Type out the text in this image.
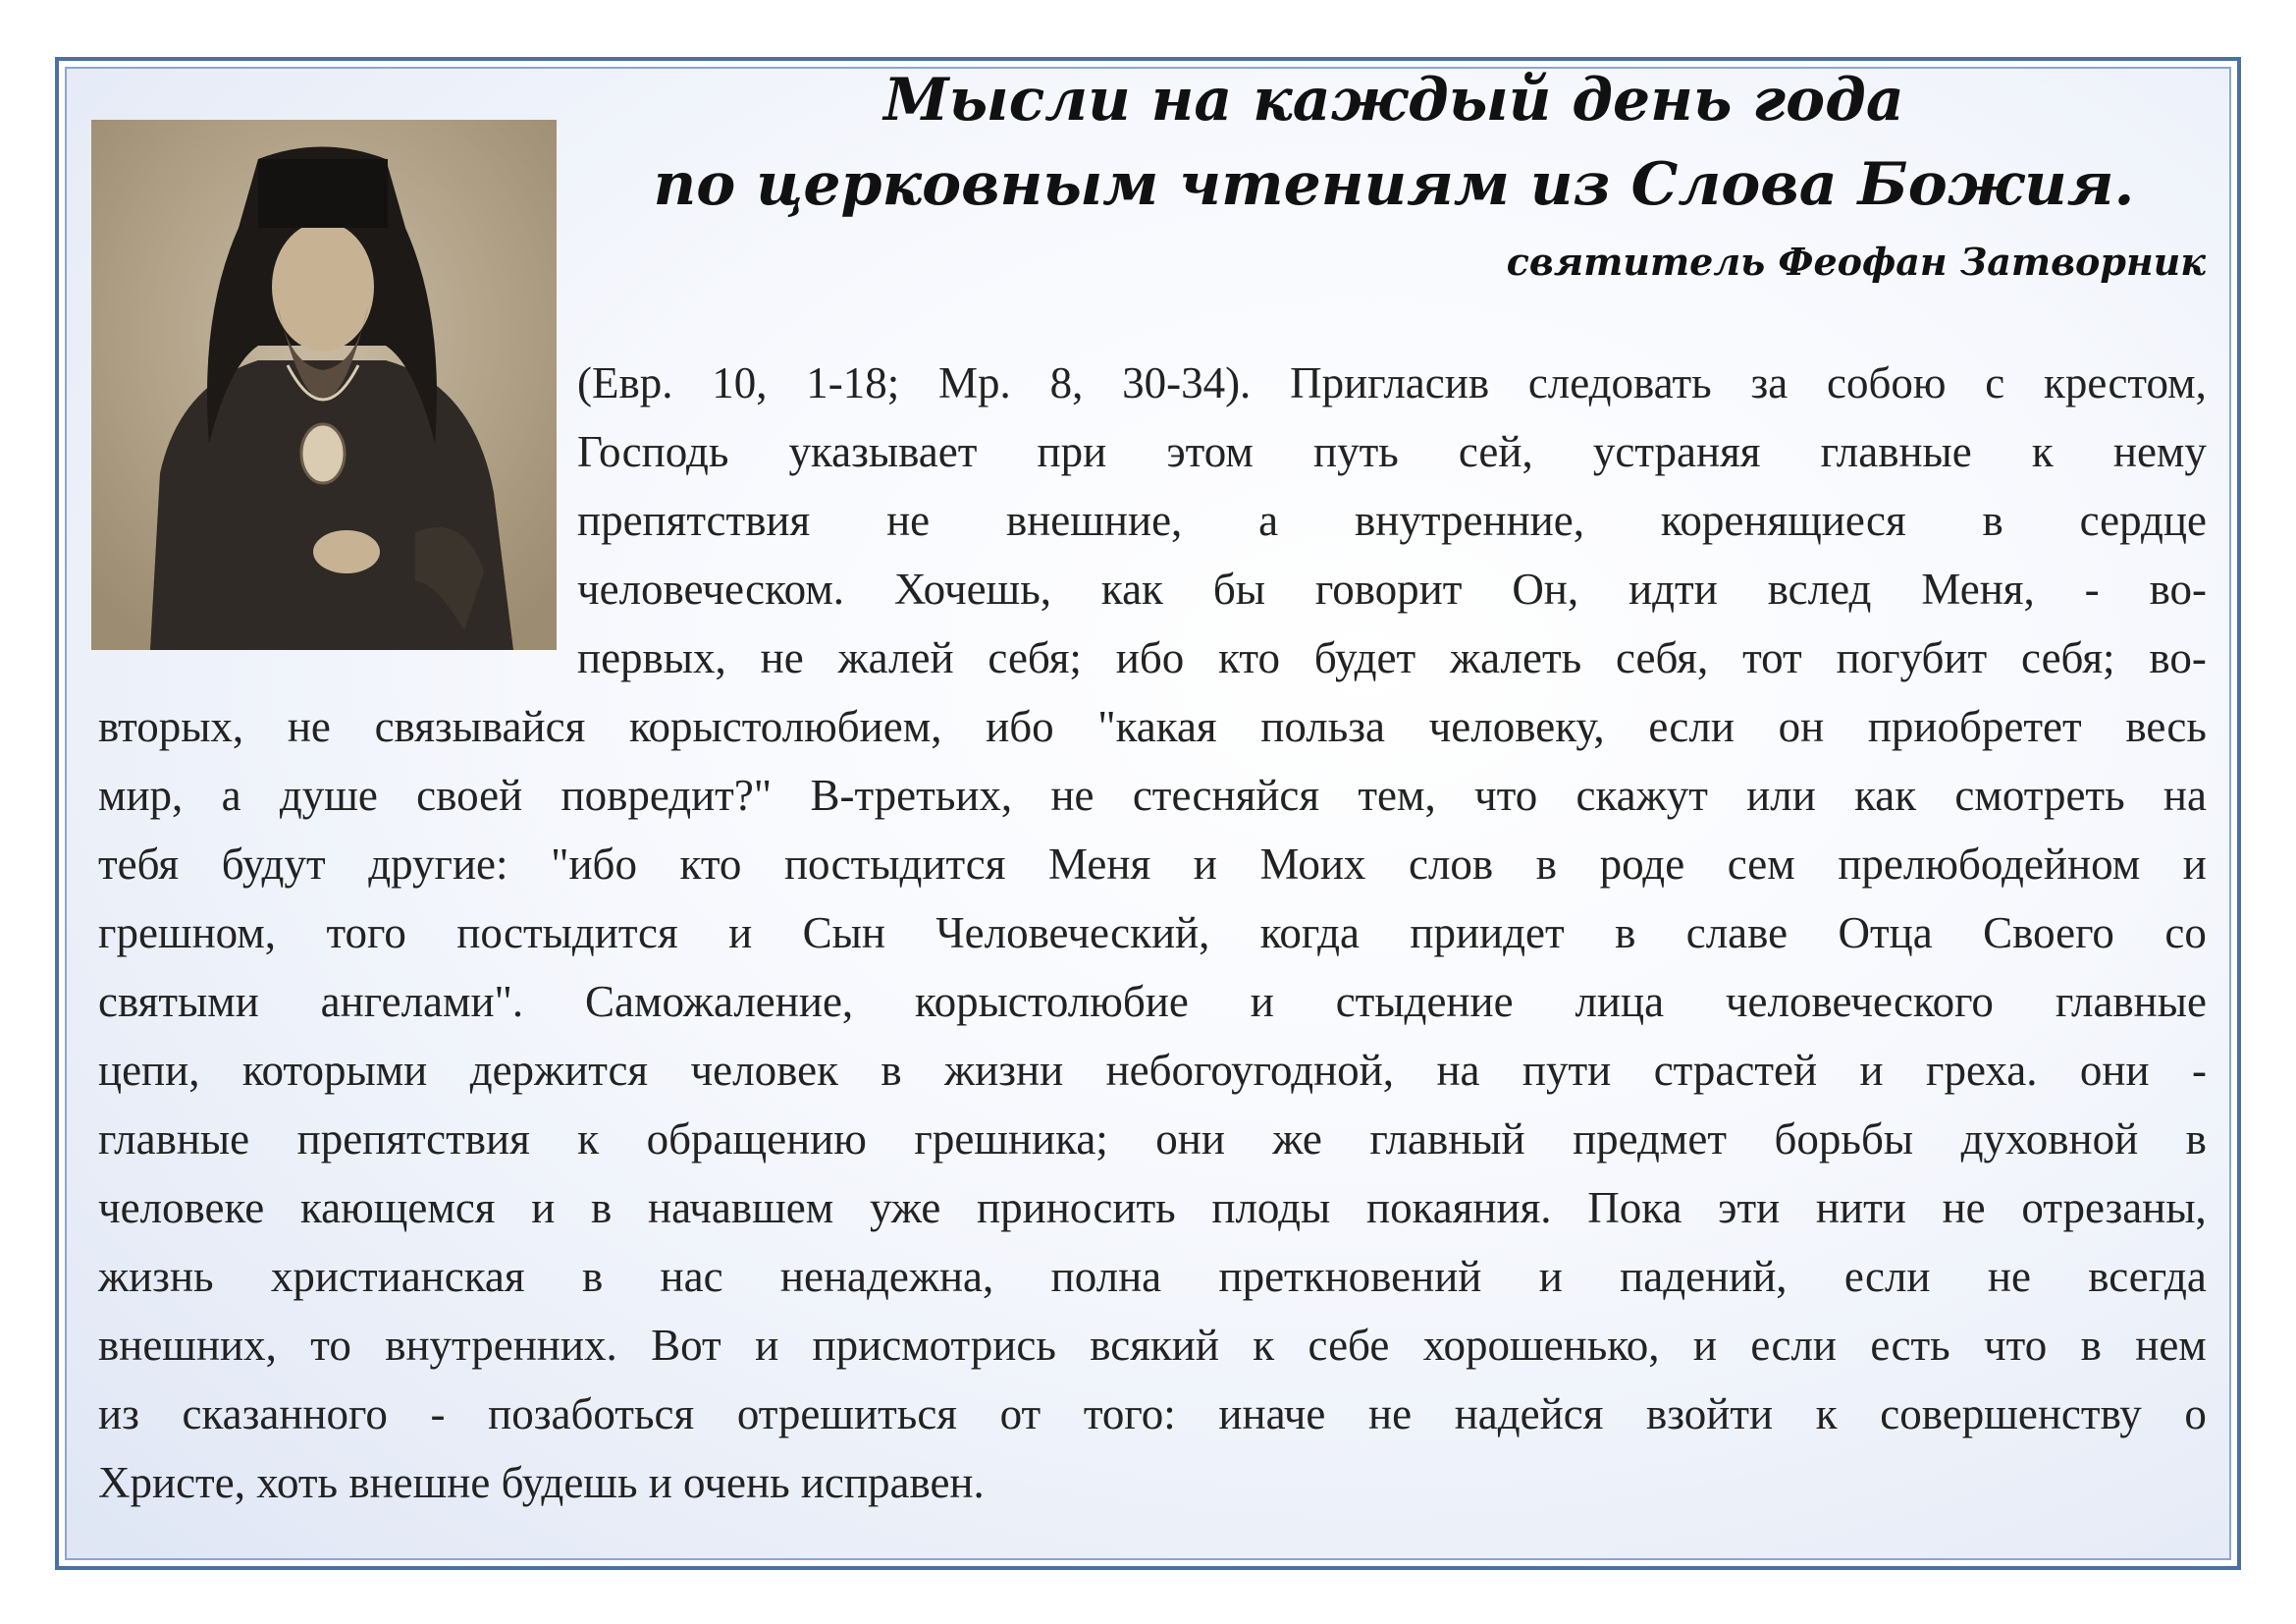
Мысли на каждый день года
по церковным чтениям из Слова Божия.
святитель Феофан Затворник
(Евр. 10, 1-18; Мр. 8, 30-34). Пригласив следовать за собою с крестом,
Господь указывает при этом путь сей, устраняя главные к нему
препятствия не внешние, а внутренние, коренящиеся в сердце
человеческом. Хочешь, как бы говорит Он, идти вслед Меня, - во-
первых, не жалей себя; ибо кто будет жалеть себя, тот погубит себя; во-
вторых, не связывайся корыстолюбием, ибо "какая польза человеку, если он приобретет весь
мир, а душе своей повредит?" В-третьих, не стесняйся тем, что скажут или как смотреть на
тебя будут другие: "ибо кто постыдится Меня и Моих слов в роде сем прелюбодейном и
грешном, того постыдится и Сын Человеческий, когда приидет в славе Отца Своего со
святыми ангелами". Саможаление, корыстолюбие и стыдение лица человеческого главные
цепи, которыми держится человек в жизни небогоугодной, на пути страстей и греха. они -
главные препятствия к обращению грешника; они же главный предмет борьбы духовной в
человеке кающемся и в начавшем уже приносить плоды покаяния. Пока эти нити не отрезаны,
жизнь христианская в нас ненадежна, полна преткновений и падений, если не всегда
внешних, то внутренних. Вот и присмотрись всякий к себе хорошенько, и если есть что в нем
из сказанного - позаботься отрешиться от того: иначе не надейся взойти к совершенству о
Христе, хоть внешне будешь и очень исправен.
